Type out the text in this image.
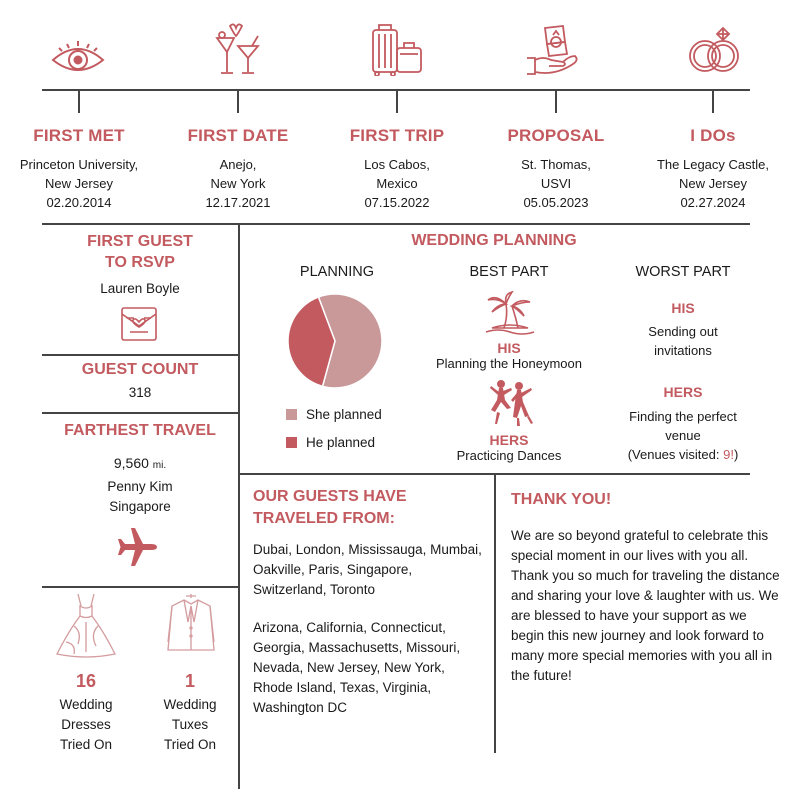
FIRST MET
Princeton University,
New Jersey
02.20.2014
FIRST DATE
Anejo,
New York
12.17.2021
FIRST TRIP
Los Cabos,
Mexico
07.15.2022
PROPOSAL
St. Thomas,
USVI
05.05.2023
I DOs
The Legacy Castle,
New Jersey
02.27.2024
FIRST GUEST
TO RSVP
Lauren Boyle
GUEST COUNT
318
FARTHEST TRAVEL
9,560 mi.
Penny Kim
Singapore
16
Wedding
Dresses
Tried On
1
Wedding
Tuxes
Tried On
WEDDING PLANNING
PLANNING	BEST PART	WORST PART
She planned
He planned
HIS
Planning the Honeymoon
HERS
Practicing Dances
HIS
Sending out
invitations
HERS
Finding the perfect
venue
(Venues visited: 9!)
OUR GUESTS HAVE
TRAVELED FROM:
Dubai, London, Mississauga, Mumbai, Oakville, Paris, Singapore, Switzerland, Toronto
Arizona, California, Connecticut, Georgia, Massachusetts, Missouri, Nevada, New Jersey, New York, Rhode Island, Texas, Virginia, Washington DC
THANK YOU!
We are so beyond grateful to celebrate this special moment in our lives with you all. Thank you so much for traveling the distance and sharing your love & laughter with us. We are blessed to have your support as we begin this new journey and look forward to many more special memories with you all in the future!
